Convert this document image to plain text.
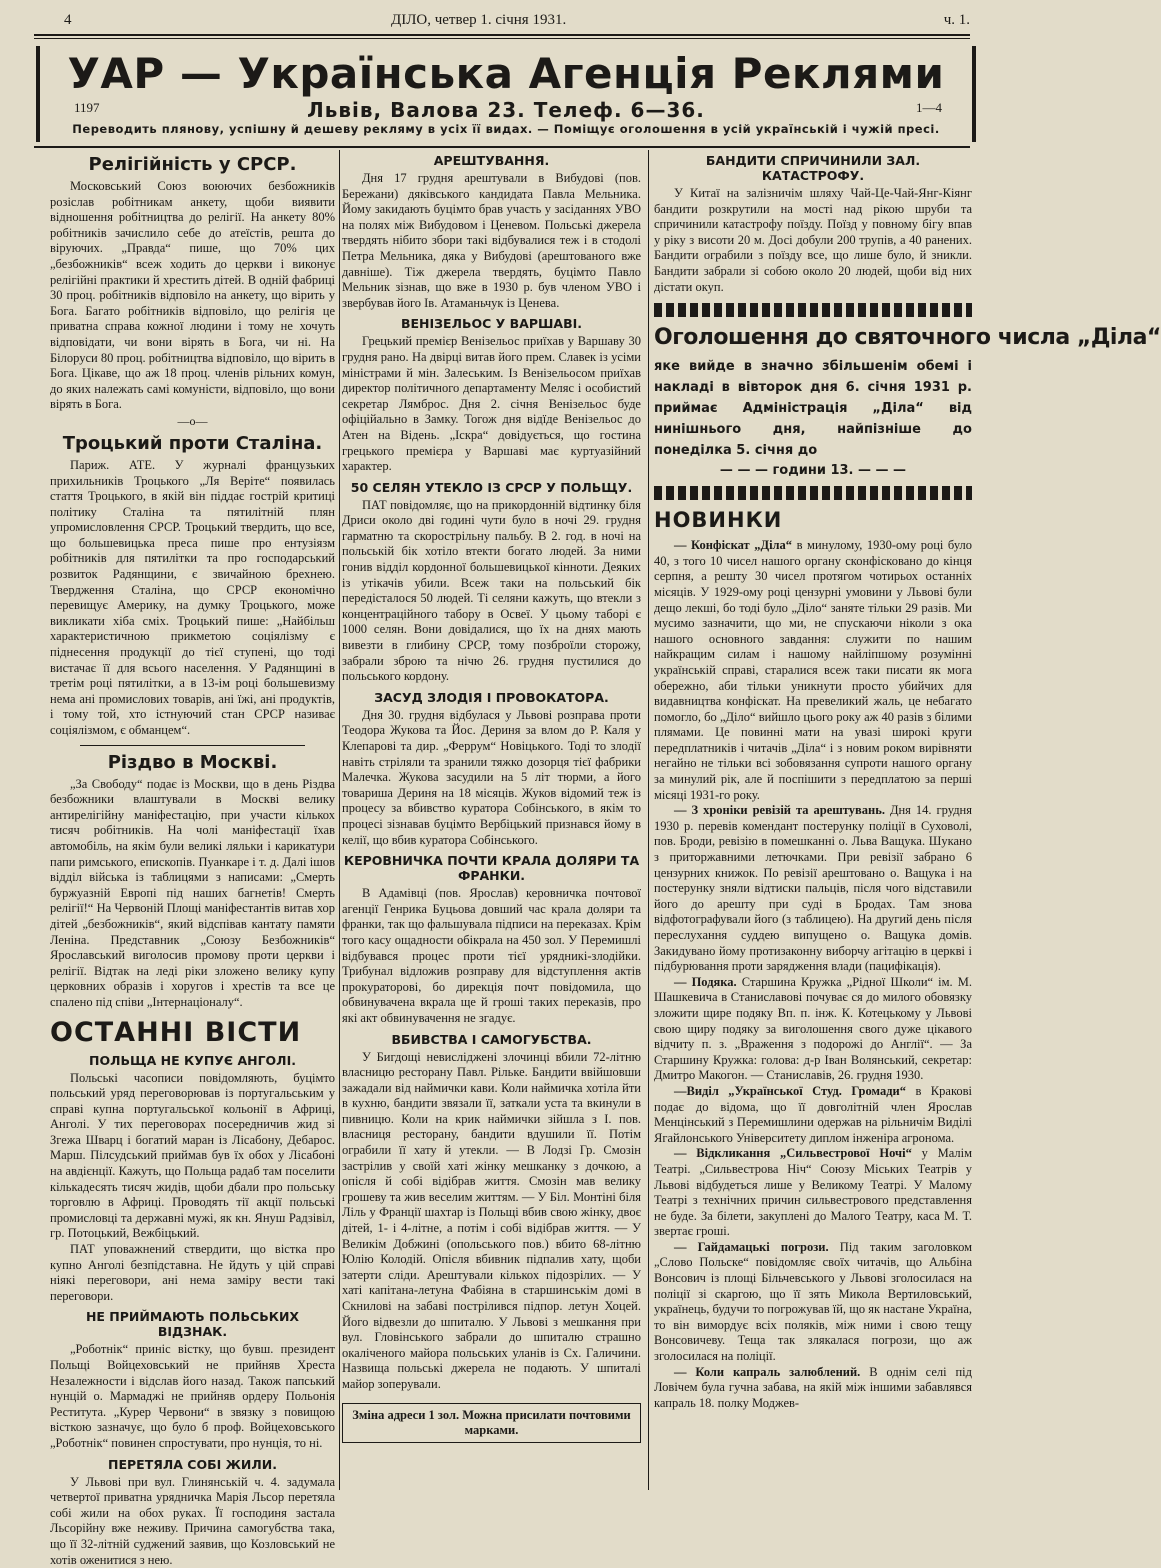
4	ДІЛО, четвер 1. січня 1931.	ч. 1.
УАР — Українська Агенція Реклями
1197	Львів, Валова 23. Телеф. 6—36.	1—4
Переводить плянову, успішну й дешеву рекляму в усіх її видах. — Поміщує оголошення в усій українській і чужій пресі.
Релігійність у СРСР.

Московський Союз воюючих безбожників розіслав робітникам анкету, щоби виявити відношення робітництва до релігії. На анкету 80% робітників зачислило себе до атеїстів, решта до віруючих. „Правда“ пише, що 70% цих „безбожників“ всеж ходить до церкви і виконує релігійні практики й хрестить дітей. В одній фабриці 30 проц. робітників відповіло на анкету, що вірить у Бога. Багато робітників відповіло, що релігія це приватна справа кожної людини і тому не хочуть відповідати, чи вони вірять в Бога, чи ні. На Білоруси 80 проц. робітництва відповіло, що вірить в Бога. Цікаве, що аж 18 проц. членів рільних комун, до яких належать самі комуністи, відповіло, що вони вірять в Бога.

—о—
Троцький проти Сталіна.

Париж. АТЕ. У журналі французьких прихильників Троцького „Ля Веріте“ появилась стаття Троцького, в якій він піддає гострій критиці політику Сталіна та пятилітній плян упромисловлення СРСР. Троцький твердить, що все, що большевицька преса пише про ентузіязм робітників для пятилітки та про господарський розвиток Радянщини, є звичайною брехнею. Твердження Сталіна, що СРСР економічно перевищує Америку, на думку Троцького, може викликати хіба сміх. Троцький пише: „Найбільш характеристичною прикметою соціялізму є піднесення продукції до тієї ступені, що тоді вистачає її для всього населення. У Радянщині в третім році пятилітки, а в 13-ім році большевизму нема ані промислових товарів, ані їжі, ані продуктів, і тому той, хто істнуючий стан СРСР називає соціялізмом, є обманцем“.

Різдво в Москві.

„За Свободу“ подає із Москви, що в день Різдва безбожники влаштували в Москві велику антирелігійну маніфестацію, при участи кількох тисяч робітників. На чолі маніфестації їхав автомобіль, на якім були великі ляльки і карикатури папи римського, епископів. Пуанкаре і т. д. Далі ішов відділ війська із таблицями з написами: „Смерть буржуазній Европі під наших багнетів! Смерть релігії!“ На Червоній Площі маніфестантів витав хор дітей „безбожників“, який відспівав кантату памяти Леніна. Представник „Союзу Безбожників“ Ярославський виголосив промову проти церкви і релігії. Відтак на леді ріки зложено велику купу церковних образів і хоругов і хрестів та все це спалено під співи „Інтернаціоналу“.

ОСТАННІ ВІСТИ
ПОЛЬЩА НЕ КУПУЄ АНГОЛІ.

Польські часописи повідомляють, буцімто польський уряд переговорював із португальським у справі купна португальської кольонії в Африці, Анголі. У тих переговорах посередничив жид зі Згежа Шварц і богатий маран із Лісабону, Дебарос. Марш. Пілсудський приймав був їх обох у Лісабоні на авдієнції. Кажуть, що Польща радаб там поселити кількадесять тисяч жидів, щоби дбали про польську торговлю в Африці. Проводять тії акції польські промисловці та державні мужі, як кн. Януш Радзівіл, гр. Потоцький, Вежбіцький.

ПАТ уповажнений ствердити, що вістка про купно Анголі безпідставна. Не йдуть у цій справі ніякі переговори, ані нема заміру вести такі переговори.

НЕ ПРИЙМАЮТЬ ПОЛЬСЬКИХ ВІДЗНАК.

„Роботнік“ приніс вістку, що бувш. президент Польщі Войцеховський не прийняв Хреста Незалежности і відслав його назад. Також папський нунцій о. Мармаджі не прийняв ордеру Польонія Реститута. „Курер Червони“ в звязку з повищою вісткою зазначує, що було б проф. Войцеховського „Роботнік“ повинен спростувати, про нунція, то ні.

ПЕРЕТЯЛА СОБІ ЖИЛИ.

У Львові при вул. Глинянській ч. 4. задумала четвертої приватна урядничка Марія Льсор перетяла собі жили на обох руках. Її господиня застала Льсорійну вже неживу. Причина самогубства така, що її 32-літній суджений заявив, що Козловський не хотів оженитися з нею.

АРЕШТУВАННЯ.

Дня 17 грудня арештували в Вибудові (пов. Бережани) дяківського кандидата Павла Мельника. Йому закидають буцімто брав участь у засіданнях УВО на полях між Вибудовом і Ценевом. Польські джерела твердять нібито збори такі відбувалися теж і в стодолі Петра Мельника, дяка у Вибудові (арештованого вже давніше). Тіж джерела твердять, буцімто Павло Мельник зізнав, що вже в 1930 р. був членом УВО і звербував його Ів. Атаманьчук із Ценева.

ВЕНІЗЕЛЬОС У ВАРШАВІ.

Грецький премієр Венізельос приїхав у Варшаву 30 грудня рано. На двірці витав його прем. Славек із усіми міністрами й мін. Залеським. Із Венізельосом приїхав директор політичного департаменту Меляс і особистий секретар Лямброс. Дня 2. січня Венізельос буде офіційально в Замку. Тогож дня відїде Венізельос до Атен на Відень. „Іскра“ довідується, що гостина грецького премієра у Варшаві має куртуазійний характер.

50 СЕЛЯН УТЕКЛО ІЗ СРСР У ПОЛЬЩУ.

ПАТ повідомляє, що на прикордонній відтинку біля Дриси около дві годині чути було в ночі 29. грудня гарматню та скорострільну пальбу. В 2. год. в ночі на польській бік хотіло втекти богато людей. За ними гонив відділ кордонної большевицької кінноти. Деяких із утікачів убили. Всеж таки на польський бік передісталося 50 людей. Ті селяни кажуть, що втекли з концентраційного табору в Освеї. У цьому таборі є 1000 селян. Вони довідалися, що їх на днях мають вивезти в глибину СРСР, тому позброїли сторожу, забрали зброю та нічю 26. грудня пустилися до польського кордону.

ЗАСУД ЗЛОДІЯ І ПРОВОКАТОРА.

Дня 30. грудня відбулася у Львові розправа проти Теодора Жукова та Йос. Дериня за влом до Р. Каля у Клепарові та дир. „Феррум“ Новіцького. Тоді то злодії навіть стріляли та зранили тяжко дозорця тієї фабрики Малечка. Жукова засудили на 5 літ тюрми, а його товариша Дериня на 18 місяців. Жуков відомий теж із процесу за вбивство куратора Собінського, в якім то процесі зізнавав буцімто Вербіцький признався йому в келії, що вбив куратора Собінського.

КЕРОВНИЧКА ПОЧТИ КРАЛА ДОЛЯРИ ТА ФРАНКИ.

В Адамівці (пов. Ярослав) керовничка почтової агенції Генрика Буцьова довший час крала доляри та франки, так що фальшувала підписи на переказах. Крім того касу ощадности обікрала на 450 зол. У Перемишлі відбувався процес проти тієї урядникі-злодійки. Трибунал відложив розправу для відступлення актів прокураторові, бо дирекція почт повідомила, що обвинувачена вкрала ще й гроші таких переказів, про які акт обвинувачення не згадує.

ВБИВСТВА І САМОГУБСТВА.

У Бигдощі невисліджені злочинці вбили 72-літню власницю ресторану Павл. Рільке. Бандити ввійшовши зажадали від наймички кави. Коли наймичка хотіла йти в кухню, бандити звязали її, заткали уста та вкинули в пивницю. Коли на крик наймички зійшла з І. пов. власниця ресторану, бандити вдушили її. Потім ограбили її хату й утекли. — В Лодзі Гр. Смозін застрілив у своїй хаті жінку мешканку з дочкою, а опісля й собі відібрав життя. Смозін мав велику грошеву та жив веселим життям. — У Біл. Монтіні біля Ліль у Франції шахтар із Польщі вбив свою жінку, двоє дітей, 1- і 4-літне, а потім і собі відібрав життя. — У Великім Добжині (опольського пов.) вбито 68-літню Юлію Колодій. Опісля вбивник підпалив хату, щоби затерти сліди. Арештували кількох підозрілих. — У хаті капітана-летуна Фабіяна в старшинськім домі в Скнилові на забаві пострілився підпор. летун Хоцей. Його відвезли до шпиталю. У Львові з мешкання при вул. Гловінського забрали до шпиталю страшно окаліченого майора польських уланів із Сх. Галичини. Назвища польські джерела не подають. У шпиталі майор зоперували.

Зміна адреси 1 зол. Можна присилати почтовими марками.
БАНДИТИ СПРИЧИНИЛИ ЗАЛ. КАТАСТРОФУ.

У Китаї на залізничім шляху Чай-Це-Чай-Янг-Кіянг бандити розкрутили на мості над рікою шруби та спричинили катастрофу поїзду. Поїзд у повному бігу впав у ріку з висоти 20 м. Досі добули 200 трупів, а 40 ранених. Бандити ограбили з поїзду все, що лише було, й зникли. Бандити забрали зі собою около 20 людей, щоби від них дістати окуп.

Оголошення до святочного числа „Діла“
яке вийде в значно збільшенім обемі і накладі в вівторок дня 6. січня 1931 р. приймає Адміністрація „Діла“ від нинішнього дня, найпізніше до понеділка 5. січня до
— — — години 13. — — —
НОВИНКИ

— Конфіскат „Діла“ в минулому, 1930-ому році було 40, з того 10 чисел нашого органу сконфісковано до кінця серпня, а решту 30 чисел протягом чотирьох останніх місяців. У 1929-ому році цензурні умовини у Львові були дещо лекші, бо тоді було „Діло“ заняте тільки 29 разів. Ми мусимо зазначити, що ми, не спускаючи ніколи з ока нашого основного завдання: служити по нашим найкращим силам і нашому найліпшому розумінні українській справі, старалися всеж таки писати як мога обережно, аби тільки уникнути просто убийчих для видавництва конфіскат. На превеликий жаль, це небагато помогло, бо „Діло“ вийшло цього року аж 40 разів з білими плямами. Це повинні мати на увазі широкі круги передплатників і читачів „Діла“ і з новим роком вирівняти негайно не тільки всі зобовязання супроти нашого органу за минулий рік, але й поспішити з передплатою за перші місяці 1931-го року.

— З хроніки ревізій та арештувань. Дня 14. грудня 1930 р. перевів комендант постерунку поліції в Суховолі, пов. Броди, ревізію в помешканні о. Льва Ващука. Шукано з приторжавними летючками. При ревізії забрано 6 цензурних книжок. По ревізії арештовано о. Ващука і на постерунку зняли відтиски пальців, після чого відставили його до арешту при суді в Бродах. Там знова відфотографували його (з таблицею). На другий день після переслухання суддею випущено о. Ващука домів. Закидувано йому протизаконну виборчу агітацію в церкві і підбурювання проти зарядження влади (пацифікація).

— Подяка. Старшина Кружка „Рідної Школи“ ім. М. Шашкевича в Станиславові почуває ся до милого обовязку зложити щире подяку Вп. п. інж. К. Котецькому у Львові свою щиру подяку за виголошення свого дуже цікавого відчиту п. з. „Враження з подорожі до Англії“. — За Старшину Кружка: голова: д-р Іван Волянський, секретар: Дмитро Макогон. — Станиславів, 26. грудня 1930.

—Виділ „Української Студ. Громади“ в Кракові подає до відома, що її довголітній член Ярослав Менцінський з Перемишлини одержав на рільничім Виділі Ягайлонського Університету диплом інженіра агронома.

— Відкликання „Сильвестрової Ночі“ у Малім Театрі. „Сильвестрова Ніч“ Союзу Міських Театрів у Львові відбудеться лише у Великому Театрі. У Малому Театрі з технічних причин сильвестрового представлення не буде. За білети, закуплені до Малого Театру, каса М. Т. звертає гроші.

— Гайдамацькі погрози. Під таким заголовком „Слово Польске“ повідомляє своїх читачів, що Альбіна Вонсович із площі Більчевського у Львові зголосилася на поліції зі скаргою, що її зять Микола Вертиловський, українець, будучи то погрожував їй, що як настане Україна, то він вимордує всіх поляків, між ними і свою тещу Вонсовичеву. Теща так злякалася погрози, що аж зголосилася на поліції.

— Коли капраль залюблений. В однім селі під Ловічем була гучна забава, на якій між іншими забавлявся капраль 18. полку Моджев-
